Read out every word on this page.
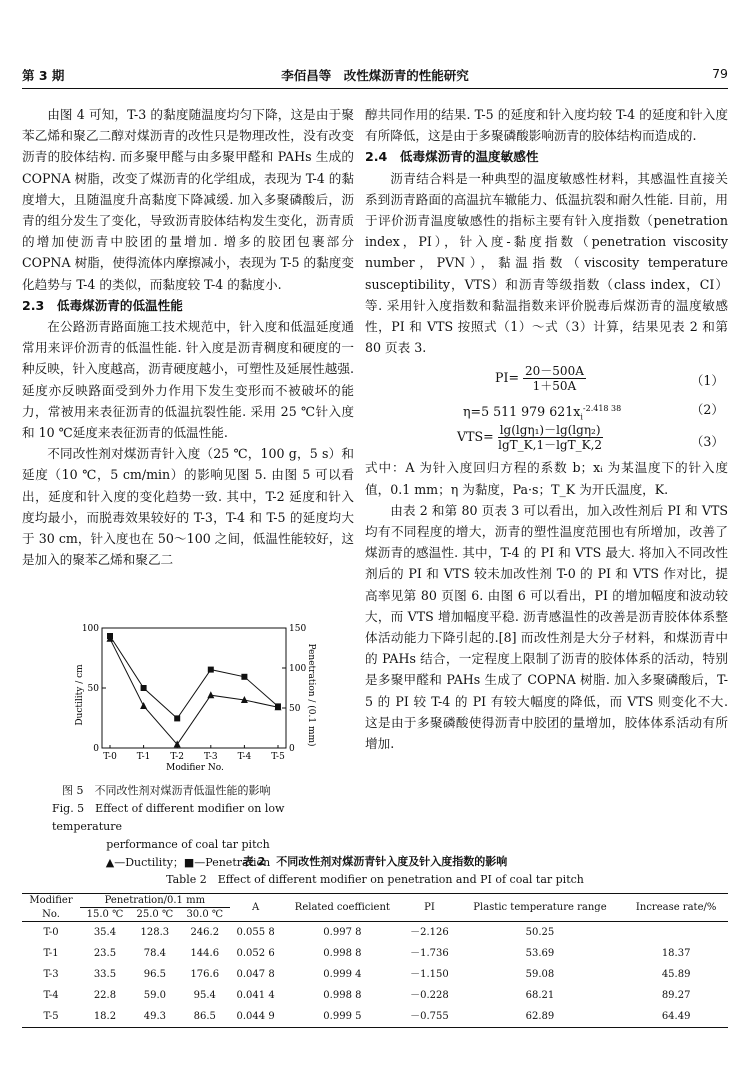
第 3 期	李佰昌等　改性煤沥青的性能研究	79

由图 4 可知，T-3 的黏度随温度均匀下降，这是由于聚苯乙烯和聚乙二醇对煤沥青的改性只是物理改性，没有改变沥青的胶体结构. 而多聚甲醛与由多聚甲醛和 PAHs 生成的 COPNA 树脂，改变了煤沥青的化学组成，表现为 T-4 的黏度增大，且随温度升高黏度下降减缓. 加入多聚磷酸后，沥青的组分发生了变化，导致沥青胶体结构发生变化，沥青质的增加使沥青中胶团的量增加. 增多的胶团包裹部分 COPNA 树脂，使得流体内摩擦减小，表现为 T-5 的黏度变化趋势与 T-4 的类似，而黏度较 T-4 的黏度小.

2.3　低毒煤沥青的低温性能

在公路沥青路面施工技术规范中，针入度和低温延度通常用来评价沥青的低温性能. 针入度是沥青稠度和硬度的一种反映，针入度越高，沥青硬度越小，可塑性及延展性越强. 延度亦反映路面受到外力作用下发生变形而不被破坏的能力，常被用来表征沥青的低温抗裂性能. 采用 25 ℃针入度和 10 ℃延度来表征沥青的低温性能.

不同改性剂对煤沥青针入度（25 ℃，100 g，5 s）和延度（10 ℃，5 cm/min）的影响见图 5. 由图 5 可以看出，延度和针入度的变化趋势一致. 其中，T-2 延度和针入度均最小，而脱毒效果较好的 T-3，T-4 和 T-5 的延度均大于 30 cm，针入度也在 50～100 之间，低温性能较好，这是加入的聚苯乙烯和聚乙二

Ductility / cm	Penetration / (0.1 mm)
Modifier No.
0
50
100
0
50
100
150
T-0 T-1 T-2 T-3 T-4 T-5
图 5　不同改性剂对煤沥青低温性能的影响
Fig. 5　Effect of different modifier on low temperature
performance of coal tar pitch
▲—Ductility；■—Penetration

醇共同作用的结果. T-5 的延度和针入度均较 T-4 的延度和针入度有所降低，这是由于多聚磷酸影响沥青的胶体结构而造成的.

2.4　低毒煤沥青的温度敏感性

沥青结合料是一种典型的温度敏感性材料，其感温性直接关系到沥青路面的高温抗车辙能力、低温抗裂和耐久性能. 目前，用于评价沥青温度敏感性的指标主要有针入度指数（penetration index，PI），针入度-黏度指数（penetration viscosity number，PVN），黏温指数（viscosity temperature susceptibility，VTS）和沥青等级指数（class index，CI）等. 采用针入度指数和黏温指数来评价脱毒后煤沥青的温度敏感性，PI 和 VTS 按照式（1）～式（3）计算，结果见表 2 和第 80 页表 3.

$PI= \frac{20-500A}{1+50A}$	（1）
η=5 511 979 $621x_i^{-2.418 38}$	（2）
$VTS= \frac{\text{lg(lgη₁)－lg(lgη₂)}}{\lg T\_K,1-\lg T\_K,2}$	（3）

式中：A 为针入度回归方程的系数 b；xᵢ 为某温度下的针入度值，0.1 mm；η 为黏度，Pa·s；T_K 为开氏温度，K.

由表 2 和第 80 页表 3 可以看出，加入改性剂后 PI 和 VTS 均有不同程度的增大，沥青的塑性温度范围也有所增加，改善了煤沥青的感温性. 其中，T-4 的 PI 和 VTS 最大. 将加入不同改性剂后的 PI 和 VTS 较未加改性剂 T-0 的 PI 和 VTS 作对比，提高率见第 80 页图 6. 由图 6 可以看出，PI 的增加幅度和波动较大，而 VTS 增加幅度平稳. 沥青感温性的改善是沥青胶体体系整体活动能力下降引起的.[8] 而改性剂是大分子材料，和煤沥青中的 PAHs 结合，一定程度上限制了沥青的胶体体系的活动，特别是多聚甲醛和 PAHs 生成了 COPNA 树脂. 加入多聚磷酸后，T-5 的 PI 较 T-4 的 PI 有较大幅度的降低，而 VTS 则变化不大. 这是由于多聚磷酸使得沥青中胶团的量增加，胶体体系活动有所增加.

表 2　不同改性剂对煤沥青针入度及针入度指数的影响
Table 2　Effect of different modifier on penetration and PI of coal tar pitch
Modifier	Penetration/0.1 mm			A	Related coefficient	PI	Plastic temperature range	Increase rate/%
No.	15.0 ℃	25.0 ℃	30.0 ℃					
T-0	35.4	128.3	246.2	0.055 8	0.997 8	－2.126	50.25	
T-1	23.5	78.4	144.6	0.052 6	0.998 8	－1.736	53.69	18.37
T-3	33.5	96.5	176.6	0.047 8	0.999 4	－1.150	59.08	45.89
T-4	22.8	59.0	95.4	0.041 4	0.998 8	－0.228	68.21	89.27
T-5	18.2	49.3	86.5	0.044 9	0.999 5	－0.755	62.89	64.49
